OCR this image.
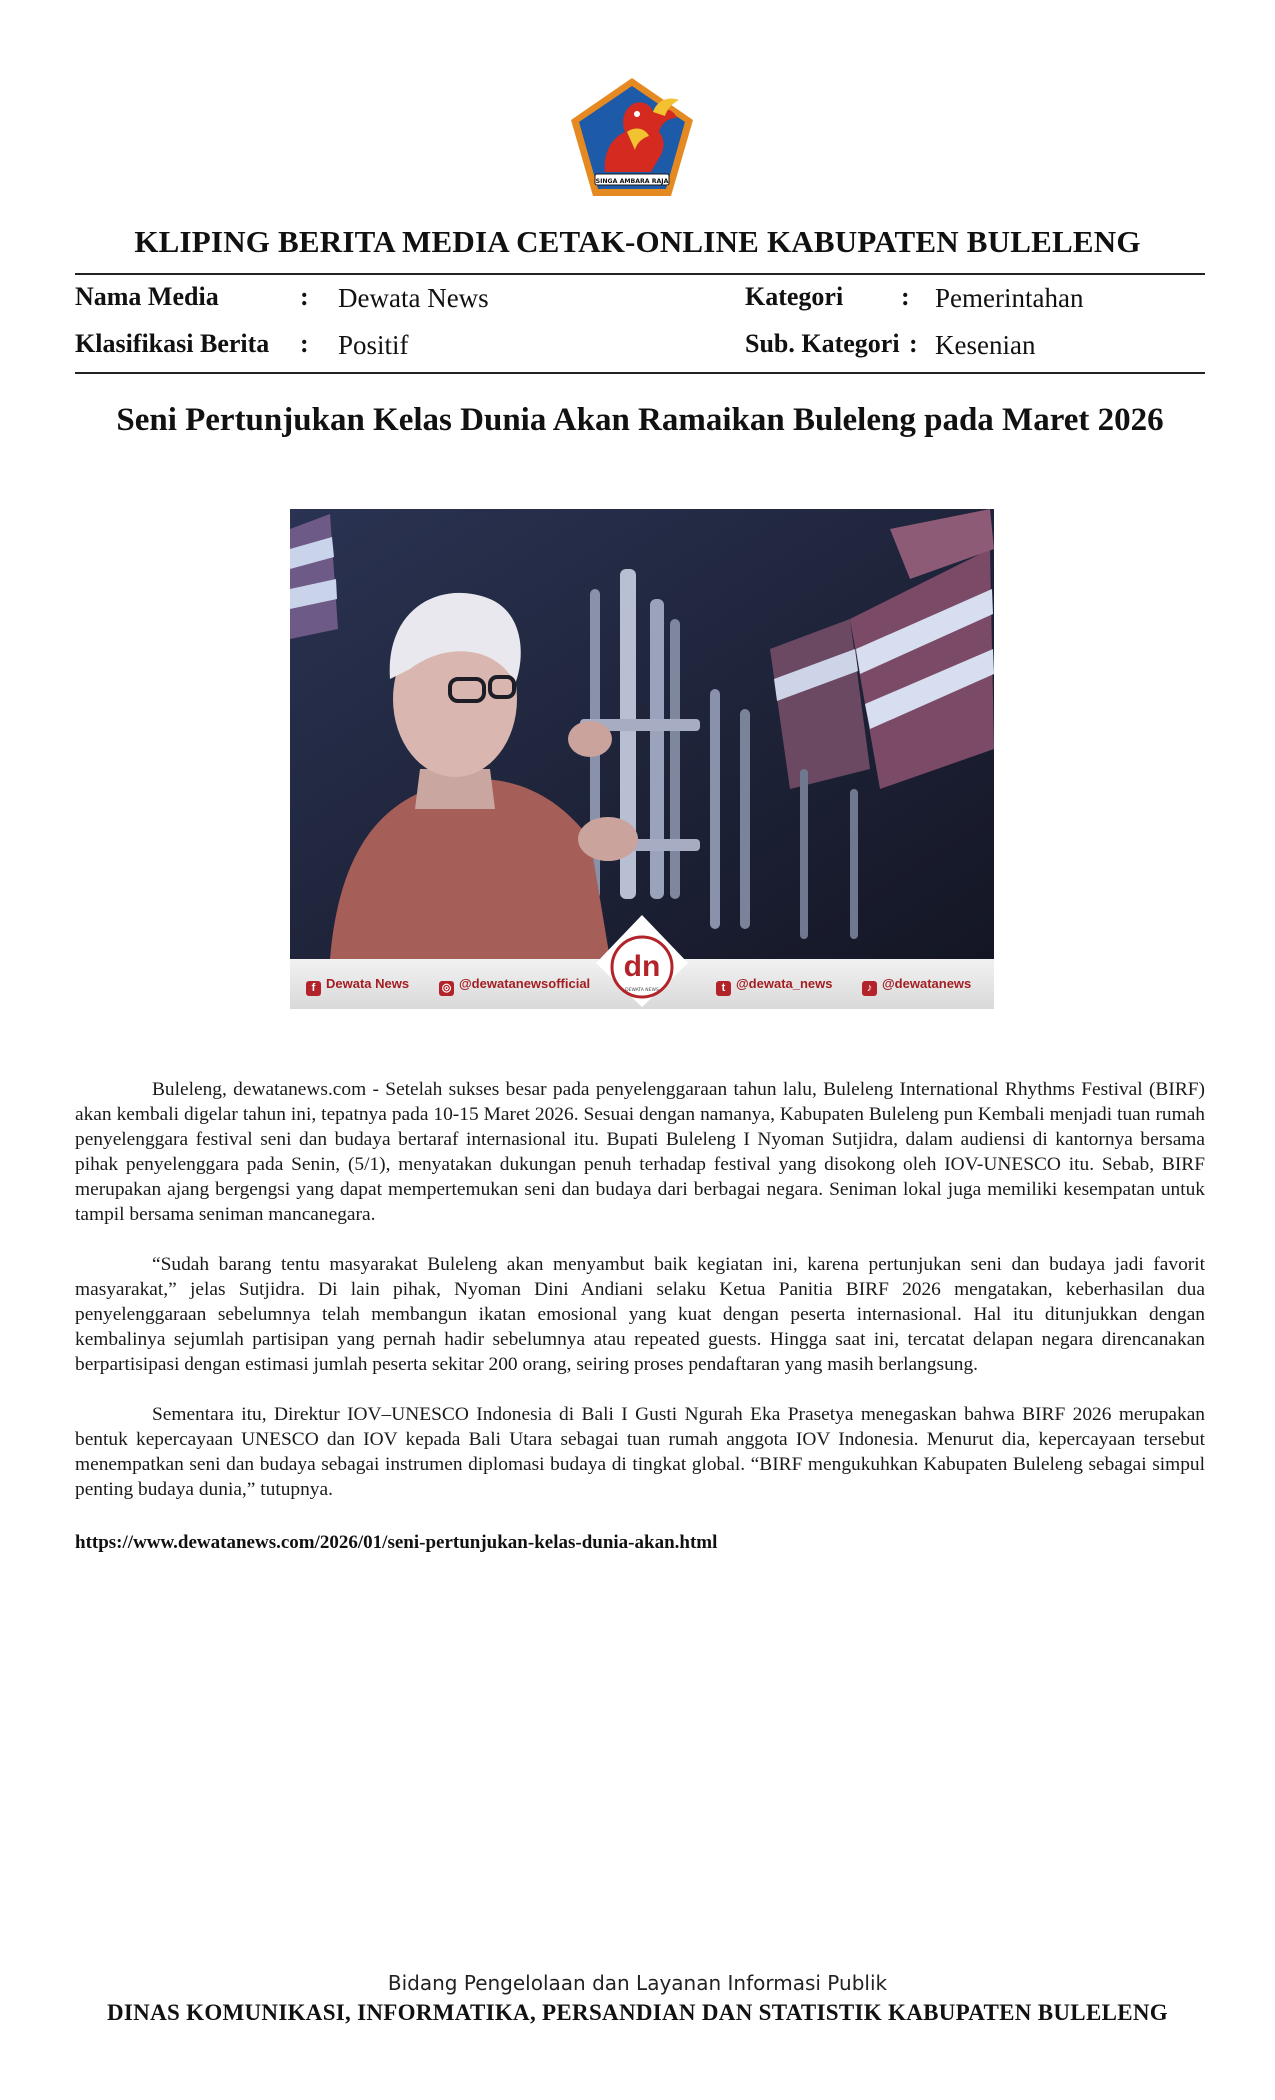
SINGA AMBARA RAJA
KLIPING BERITA MEDIA CETAK-ONLINE KABUPATEN BULELENG
Nama Media	: Dewata News
Klasifikasi Berita : Positif
Kategori : Pemerintahan
Sub. Kategori : Kesenian
Seni Pertunjukan Kelas Dunia Akan Ramaikan Buleleng pada Maret 2026
f Dewata News	◎ @dewatanewsofficial	t @dewata_news	♪ @dewatanews
dn
DEWATA NEWS

Buleleng, dewatanews.com - Setelah sukses besar pada penyelenggaraan tahun lalu, Buleleng International Rhythms Festival (BIRF) akan kembali digelar tahun ini, tepatnya pada 10-15 Maret 2026. Sesuai dengan namanya, Kabupaten Buleleng pun Kembali menjadi tuan rumah penyelenggara festival seni dan budaya bertaraf internasional itu. Bupati Buleleng I Nyoman Sutjidra, dalam audiensi di kantornya bersama pihak penyelenggara pada Senin, (5/1), menyatakan dukungan penuh terhadap festival yang disokong oleh IOV-UNESCO itu. Sebab, BIRF merupakan ajang bergengsi yang dapat mempertemukan seni dan budaya dari berbagai negara. Seniman lokal juga memiliki kesempatan untuk tampil bersama seniman mancanegara.

“Sudah barang tentu masyarakat Buleleng akan menyambut baik kegiatan ini, karena pertunjukan seni dan budaya jadi favorit masyarakat,” jelas Sutjidra. Di lain pihak, Nyoman Dini Andiani selaku Ketua Panitia BIRF 2026 mengatakan, keberhasilan dua penyelenggaraan sebelumnya telah membangun ikatan emosional yang kuat dengan peserta internasional. Hal itu ditunjukkan dengan kembalinya sejumlah partisipan yang pernah hadir sebelumnya atau repeated guests. Hingga saat ini, tercatat delapan negara direncanakan berpartisipasi dengan estimasi jumlah peserta sekitar 200 orang, seiring proses pendaftaran yang masih berlangsung.

Sementara itu, Direktur IOV–UNESCO Indonesia di Bali I Gusti Ngurah Eka Prasetya menegaskan bahwa BIRF 2026 merupakan bentuk kepercayaan UNESCO dan IOV kepada Bali Utara sebagai tuan rumah anggota IOV Indonesia. Menurut dia, kepercayaan tersebut menempatkan seni dan budaya sebagai instrumen diplomasi budaya di tingkat global. “BIRF mengukuhkan Kabupaten Buleleng sebagai simpul penting budaya dunia,” tutupnya.

https://www.dewatanews.com/2026/01/seni-pertunjukan-kelas-dunia-akan.html
Bidang Pengelolaan dan Layanan Informasi Publik
DINAS KOMUNIKASI, INFORMATIKA, PERSANDIAN DAN STATISTIK KABUPATEN BULELENG
